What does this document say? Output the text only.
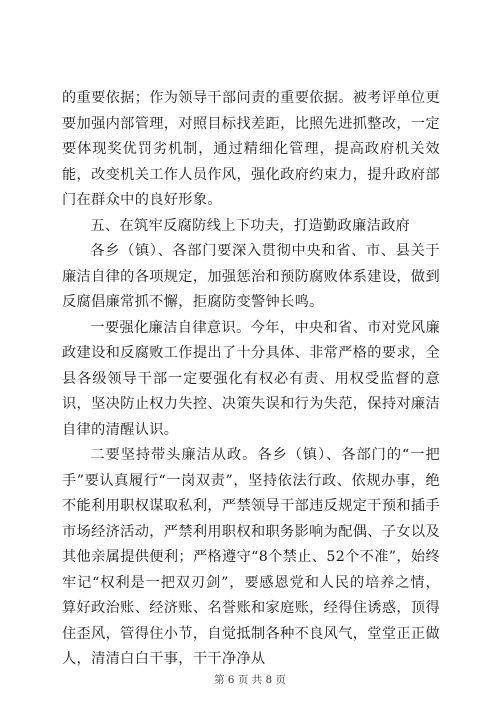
的重要依据；作为领导干部问责的重要依据。被考评单位更要加强内部管理，对照目标找差距，比照先进抓整改，一定要体现奖优罚劣机制，通过精细化管理，提高政府机关效能，改变机关工作人员作风，强化政府约束力，提升政府部门在群众中的良好形象。

五、在筑牢反腐防线上下功夫，打造勤政廉洁政府

各乡（镇）、各部门要深入贯彻中央和省、市、县关于廉洁自律的各项规定，加强惩治和预防腐败体系建设，做到反腐倡廉常抓不懈，拒腐防变警钟长鸣。

一要强化廉洁自律意识。今年，中央和省、市对党风廉政建设和反腐败工作提出了十分具体、非常严格的要求，全县各级领导干部一定要强化有权必有责、用权受监督的意识，坚决防止权力失控、决策失误和行为失范，保持对廉洁自律的清醒认识。

二要坚持带头廉洁从政。各乡（镇）、各部门的“一把手”要认真履行“一岗双责”，坚持依法行政、依规办事，绝不能利用职权谋取私利，严禁领导干部违反规定干预和插手市场经济活动，严禁利用职权和职务影响为配偶、子女以及其他亲属提供便利；严格遵守“8个禁止、52个不准”，始终牢记“权利是一把双刃剑”，要感恩党和人民的培养之情，算好政治账、经济账、名誉账和家庭账，经得住诱惑，顶得住歪风，管得住小节，自觉抵制各种不良风气，堂堂正正做人，清清白白干事，干干净净从

第 6 页 共 8 页
